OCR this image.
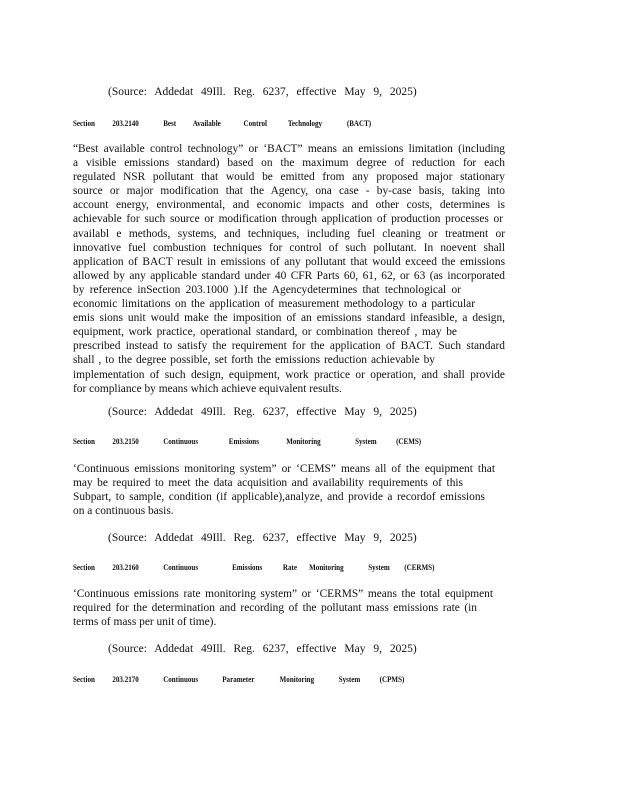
(Source: Addedat 49Ill. Reg. 6237, effective May 9, 2025)
Section 203.2140	Best Available	Control Technology	(BACT)
“Best available control technology” or ‘BACT” means an emissions limitation (including
a visible emissions standard) based on the maximum degree of reduction for each
regulated NSR pollutant that would be emitted from any proposed major stationary
source or major modification that the Agency, ona case - by-case basis, taking into
account energy, environmental, and economic impacts and other costs, determines is
achievable for such source or modification through application of production processes or
availabl e methods, systems, and techniques, including fuel cleaning or treatment or
innovative fuel combustion techniques for control of such pollutant. In noevent shall
application of BACT result in emissions of any pollutant that would exceed the emissions
allowed by any applicable standard under 40 CFR Parts 60, 61, 62, or 63 (as incorporated
by reference inSection 203.1000 ).If the Agencydetermines that technological or
economic limitations on the application of measurement methodology to a particular
emis sions unit would make the imposition of an emissions standard infeasible, a design,
equipment, work practice, operational standard, or combination thereof , may be
prescribed instead to satisfy the requirement for the application of BACT. Such standard
shall , to the degree possible, set forth the emissions reduction achievable by
implementation of such design, equipment, work practice or operation, and shall provide
for compliance by means which achieve equivalent results.
(Source: Addedat 49Ill. Reg. 6237, effective May 9, 2025)
Section 203.2150	Continuous	Emissions	Monitoring	System (CEMS)
‘Continuous emissions monitoring system” or ‘CEMS” means all of the equipment that
may be required to meet the data acquisition and availability requirements of this
Subpart, to sample, condition (if applicable),analyze, and provide a recordof emissions
on a continuous basis.
(Source: Addedat 49Ill. Reg. 6237, effective May 9, 2025)
Section 203.2160	Continuous	Emissions Rate Monitoring	System (CERMS)
‘Continuous emissions rate monitoring system” or ‘CERMS” means the total equipment
required for the determination and recording of the pollutant mass emissions rate (in
terms of mass per unit of time).
(Source: Addedat 49Ill. Reg. 6237, effective May 9, 2025)
Section 203.2170	Continuous	Parameter	Monitoring	System (CPMS)
